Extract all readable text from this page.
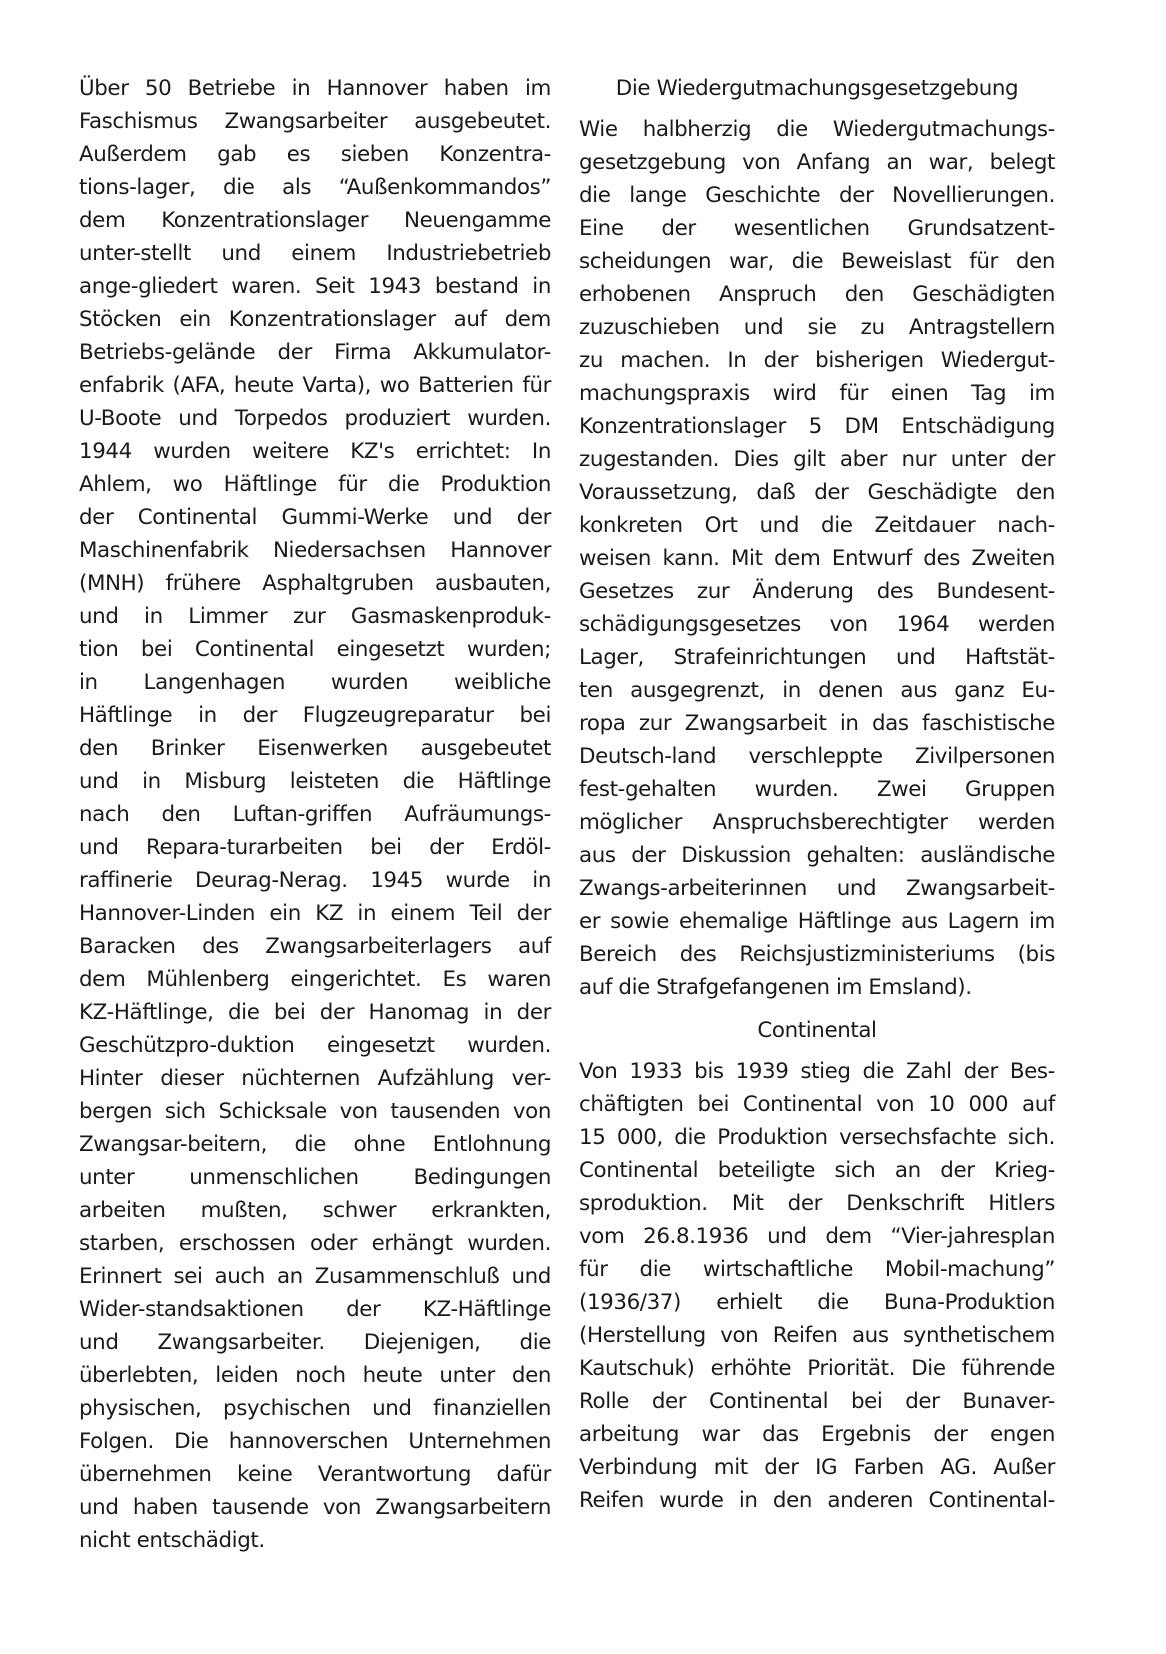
Über 50 Betriebe in Hannover haben im
Faschismus Zwangsarbeiter ausgebeutet.
Außerdem gab es sieben Konzentra-
tions-lager, die als “Außenkommandos”
dem Konzentrationslager Neuengamme
unter-stellt und einem Industriebetrieb
ange-gliedert waren. Seit 1943 bestand in
Stöcken ein Konzentrationslager auf dem
Betriebs-gelände der Firma Akkumulator-
enfabrik (AFA, heute Varta), wo Batterien für
U-Boote und Torpedos produziert wurden.
1944 wurden weitere KZ's errichtet: In
Ahlem, wo Häftlinge für die Produktion
der Continental Gummi-Werke und der
Maschinenfabrik Niedersachsen Hannover
(MNH) frühere Asphaltgruben ausbauten,
und in Limmer zur Gasmaskenproduk-
tion bei Continental eingesetzt wurden;
in Langenhagen wurden weibliche
Häftlinge in der Flugzeugreparatur bei
den Brinker Eisenwerken ausgebeutet
und in Misburg leisteten die Häftlinge
nach den Luftan-griffen Aufräumungs-
und Repara-turarbeiten bei der Erdöl-
raffinerie Deurag-Nerag. 1945 wurde in
Hannover-Linden ein KZ in einem Teil der
Baracken des Zwangsarbeiterlagers auf
dem Mühlenberg eingerichtet. Es waren
KZ-Häftlinge, die bei der Hanomag in der
Geschützpro-duktion eingesetzt wurden.
Hinter dieser nüchternen Aufzählung ver-
bergen sich Schicksale von tausenden von
Zwangsar-beitern, die ohne Entlohnung
unter unmenschlichen Bedingungen
arbeiten mußten, schwer erkrankten,
starben, erschossen oder erhängt wurden.
Erinnert sei auch an Zusammenschluß und
Wider-standsaktionen der KZ-Häftlinge
und Zwangsarbeiter. Diejenigen, die
überlebten, leiden noch heute unter den
physischen, psychischen und finanziellen
Folgen. Die hannoverschen Unternehmen
übernehmen keine Verantwortung dafür
und haben tausende von Zwangsarbeitern
nicht entschädigt.
Die Wiedergutmachungsgesetzgebung
Wie halbherzig die Wiedergutmachungs-
gesetzgebung von Anfang an war, belegt
die lange Geschichte der Novellierungen.
Eine der wesentlichen Grundsatzent-
scheidungen war, die Beweislast für den
erhobenen Anspruch den Geschädigten
zuzuschieben und sie zu Antragstellern
zu machen. In der bisherigen Wiedergut-
machungspraxis wird für einen Tag im
Konzentrationslager 5 DM Entschädigung
zugestanden. Dies gilt aber nur unter der
Voraussetzung, daß der Geschädigte den
konkreten Ort und die Zeitdauer nach-
weisen kann. Mit dem Entwurf des Zweiten
Gesetzes zur Änderung des Bundesent-
schädigungsgesetzes von 1964 werden
Lager, Strafeinrichtungen und Haftstät-
ten ausgegrenzt, in denen aus ganz Eu-
ropa zur Zwangsarbeit in das faschistische
Deutsch-land verschleppte Zivilpersonen
fest-gehalten wurden. Zwei Gruppen
möglicher Anspruchsberechtigter werden
aus der Diskussion gehalten: ausländische
Zwangs-arbeiterinnen und Zwangsarbeit-
er sowie ehemalige Häftlinge aus Lagern im
Bereich des Reichsjustizministeriums (bis
auf die Strafgefangenen im Emsland).
Continental
Von 1933 bis 1939 stieg die Zahl der Bes-
chäftigten bei Continental von 10 000 auf
15 000, die Produktion versechsfachte sich.
Continental beteiligte sich an der Krieg-
sproduktion. Mit der Denkschrift Hitlers
vom 26.8.1936 und dem “Vier-jahresplan
für die wirtschaftliche Mobil-machung”
(1936/37) erhielt die Buna-Produktion
(Herstellung von Reifen aus synthetischem
Kautschuk) erhöhte Priorität. Die führende
Rolle der Continental bei der Bunaver-
arbeitung war das Ergebnis der engen
Verbindung mit der IG Farben AG. Außer
Reifen wurde in den anderen Continental-
